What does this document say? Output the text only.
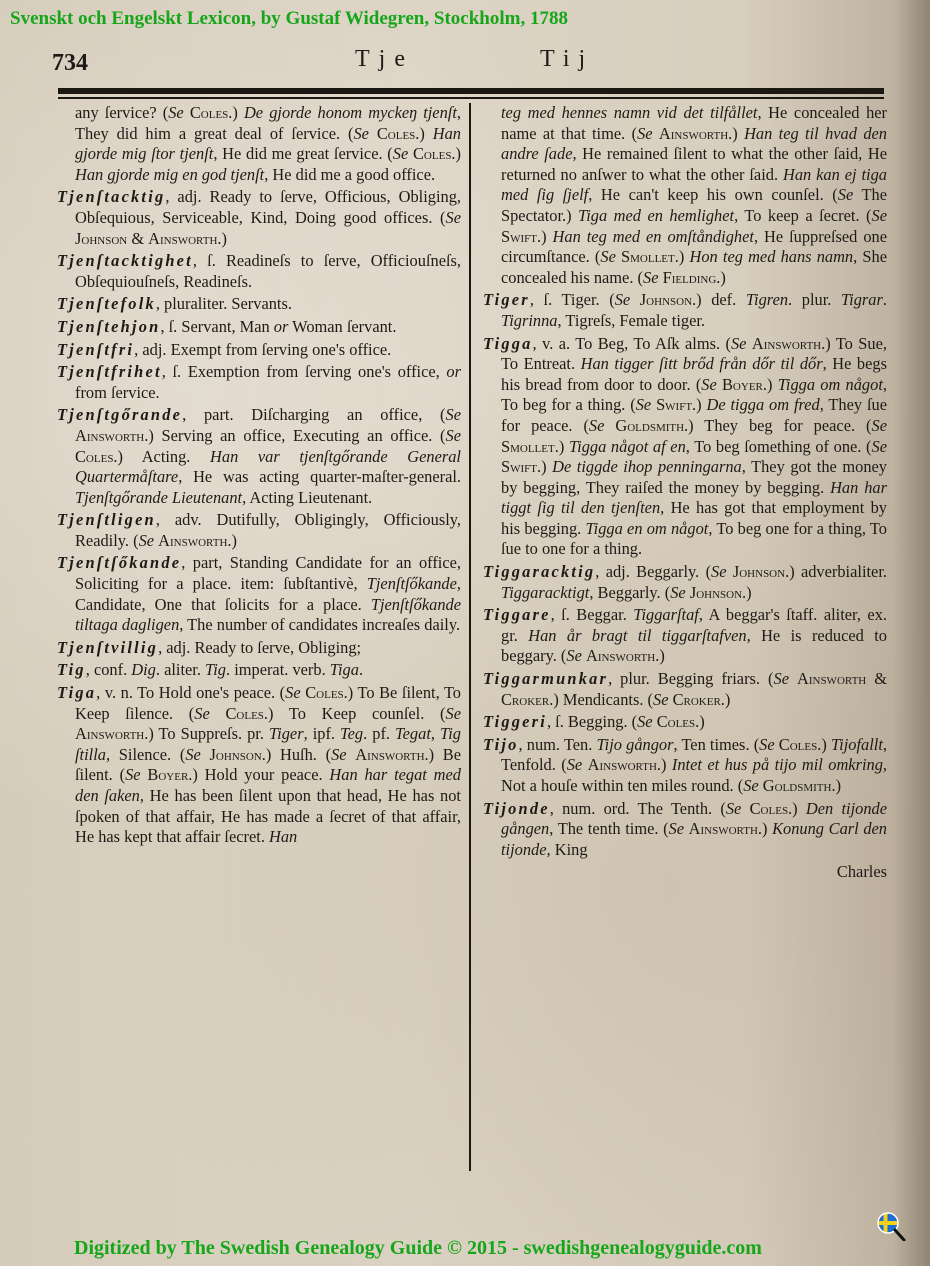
Svenskt och Engelskt Lexicon, by Gustaf Widegren, Stockholm, 1788
734	Tje	Tij
any ſervice? (Se Coles.) De gjorde honom myckeŋ tjenſt, They did him a great deal of ſervice. (Se Coles.) Han gjorde mig ſtor tjenſt, He did me great ſervice. (Se Coles.) Han gjorde mig en god tjenſt, He did me a good office.
Tjenſtacktig, adj. Ready to ſerve, Officious, Obliging, Obſequious, Serviceable, Kind, Doing good offices. (Se Johnson & Ainsworth.)
Tjenſtacktighet, ſ. Readineſs to ſerve, Officiouſneſs, Obſequiouſneſs, Readineſs.
Tjenſtefolk, pluraliter. Servants.
Tjenſtehjon, ſ. Servant, Man or Woman ſervant.
Tjenſtfri, adj. Exempt from ſerving one's office.
Tjenſtfrihet, ſ. Exemption from ſerving one's office, or from ſervice.
Tjenſtgőrande, part. Diſcharging an office, (Se Ainsworth.) Serving an office, Executing an office. (Se Coles.) Acting. Han var tjenſtgőrande General Quartermåſtare, He was acting quarter-maſter-general. Tjenſtgőrande Lieutenant, Acting Lieutenant.
Tjenſtligen, adv. Dutifully, Obligingly, Officiously, Readily. (Se Ainsworth.)
Tjenſtſőkande, part, Standing Candidate for an office, Soliciting for a place. item: ſubſtantivè, Tjenſtſőkande, Candidate, One that ſolicits for a place. Tjenſtſőkande tiltaga dagligen, The number of candidates increaſes daily.
Tjenſtvillig, adj. Ready to ſerve, Obliging;
Tig, conf. Dig. aliter. Tig. imperat. verb. Tiga.
Tiga, v. n. To Hold one's peace. (Se Coles.) To Be ſilent, To Keep ſilence. (Se Coles.) To Keep counſel. (Se Ainsworth.) To Suppreſs. pr. Tiger, ipf. Teg. pf. Tegat, Tig ſtilla, Silence. (Se Johnson.) Huſh. (Se Ainsworth.) Be ſilent. (Se Boyer.) Hold your peace. Han har tegat med den ſaken, He has been ſilent upon that head, He has not ſpoken of that affair, He has made a ſecret of that affair, He has kept that affair ſecret. Han
teg med hennes namn vid det tilfållet, He concealed her name at that time. (Se Ainsworth.) Han teg til hvad den andre ſade, He remained ſilent to what the other ſaid, He returned no anſwer to what the other ſaid. Han kan ej tiga med ſig ſjelf, He can't keep his own counſel. (Se The Spectator.) Tiga med en hemlighet, To keep a ſecret. (Se Swift.) Han teg med en omſtåndighet, He ſuppreſsed one circumſtance. (Se Smollet.) Hon teg med hans namn, She concealed his name. (Se Fielding.)
Tiger, ſ. Tiger. (Se Johnson.) def. Tigren. plur. Tigrar. Tigrinna, Tigreſs, Female tiger.
Tigga, v. a. To Beg, To Aſk alms. (Se Ainsworth.) To Sue, To Entreat. Han tigger ſitt brőd från dőr til dőr, He begs his bread from door to door. (Se Boyer.) Tigga om något, To beg for a thing. (Se Swift.) De tigga om fred, They ſue for peace. (Se Goldsmith.) They beg for peace. (Se Smollet.) Tigga något af en, To beg ſomething of one. (Se Swift.) De tiggde ihop penningarna, They got the money by begging, They raiſed the money by begging. Han har tiggt ſig til den tjenſten, He has got that employment by his begging. Tigga en om något, To beg one for a thing, To ſue to one for a thing.
Tiggaracktig, adj. Beggarly. (Se Johnson.) adverbialiter. Tiggaracktigt, Beggarly. (Se Johnson.)
Tiggare, ſ. Beggar. Tiggarſtaf, A beggar's ſtaff. aliter, ex. gr. Han år bragt til tiggarſtafven, He is reduced to beggary. (Se Ainsworth.)
Tiggarmunkar, plur. Begging friars. (Se Ainsworth & Croker.) Mendicants. (Se Croker.)
Tiggeri, ſ. Begging. (Se Coles.)
Tijo, num. Ten. Tijo gångor, Ten times. (Se Coles.) Tijofallt, Tenfold. (Se Ainsworth.) Intet et hus på tijo mil omkring, Not a houſe within ten miles round. (Se Goldsmith.)
Tijonde, num. ord. The Tenth. (Se Coles.) Den tijonde gången, The tenth time. (Se Ainsworth.) Konung Carl den tijonde, King
Charles
Digitized by The Swedish Genealogy Guide © 2015 - swedishgenealogyguide.com
